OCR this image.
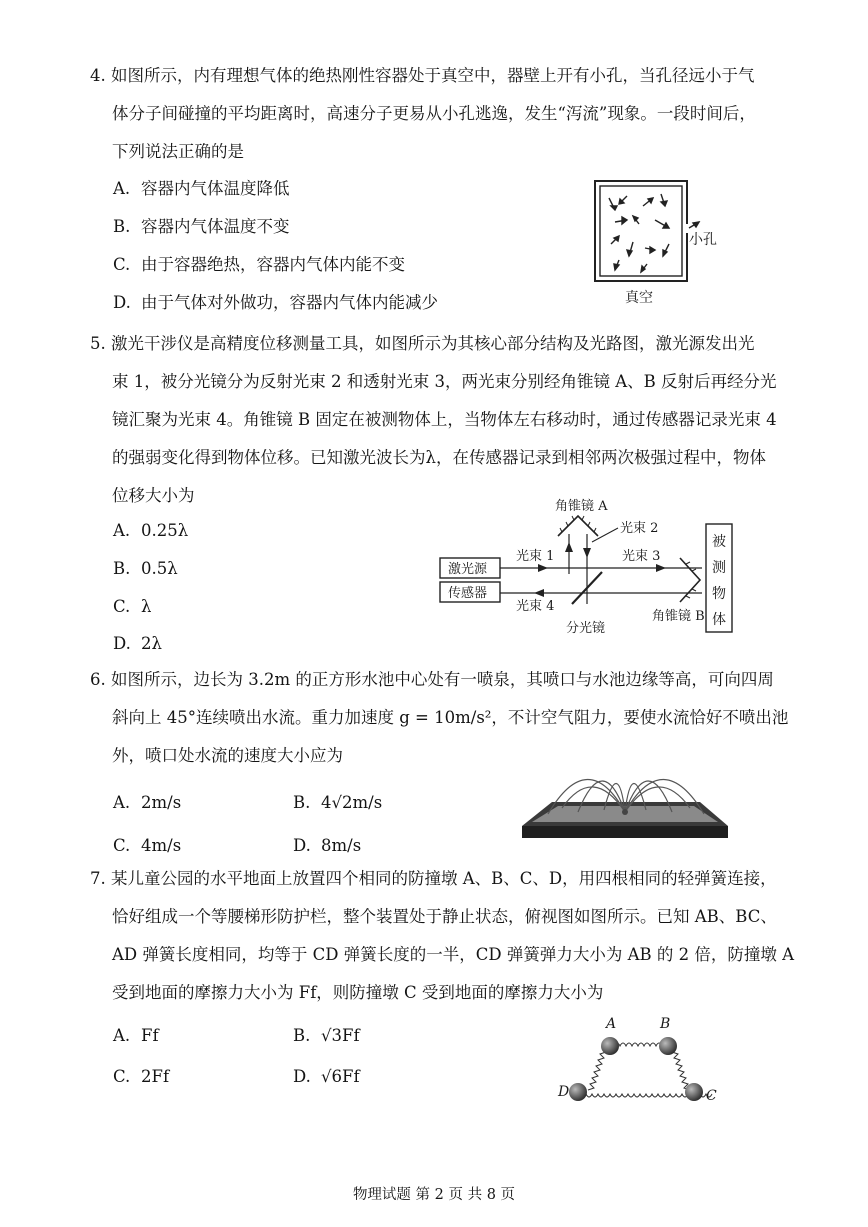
4. 如图所示，内有理想气体的绝热刚性容器处于真空中，器壁上开有小孔，当孔径远小于气
体分子间碰撞的平均距离时，高速分子更易从小孔逃逸，发生“泻流”现象。一段时间后，
下列说法正确的是
A. 容器内气体温度降低
B. 容器内气体温度不变
C. 由于容器绝热，容器内气体内能不变
D. 由于气体对外做功，容器内气体内能减少
小孔
真空
5. 激光干涉仪是高精度位移测量工具，如图所示为其核心部分结构及光路图，激光源发出光
束 1，被分光镜分为反射光束 2 和透射光束 3，两光束分别经角锥镜 A、B 反射后再经分光
镜汇聚为光束 4。角锥镜 B 固定在被测物体上，当物体左右移动时，通过传感器记录光束 4
的强弱变化得到物体位移。已知激光波长为λ，在传感器记录到相邻两次极强过程中，物体
位移大小为
A. 0.25λ
B. 0.5λ
C. λ
D. 2λ
角锥镜 A
光束 2
激光源
传感器
光束 1	光束 3
光束 4
分光镜
角锥镜 B
被
测
物
体
6. 如图所示，边长为 3.2m 的正方形水池中心处有一喷泉，其喷口与水池边缘等高，可向四周
斜向上 45°连续喷出水流。重力加速度 g = 10m/s²，不计空气阻力，要使水流恰好不喷出池
外，喷口处水流的速度大小应为
A. 2m/s	B. 4√2m/s
C. 4m/s	D. 8m/s
7. 某儿童公园的水平地面上放置四个相同的防撞墩 A、B、C、D，用四根相同的轻弹簧连接，
恰好组成一个等腰梯形防护栏，整个装置处于静止状态，俯视图如图所示。已知 AB、BC、
AD 弹簧长度相同，均等于 CD 弹簧长度的一半，CD 弹簧弹力大小为 AB 的 2 倍，防撞墩 A
受到地面的摩擦力大小为 Ff，则防撞墩 C 受到地面的摩擦力大小为
A. Ff	B. √3Ff
C. 2Ff	D. √6Ff
A	B
D	C
物理试题 第 2 页 共 8 页
